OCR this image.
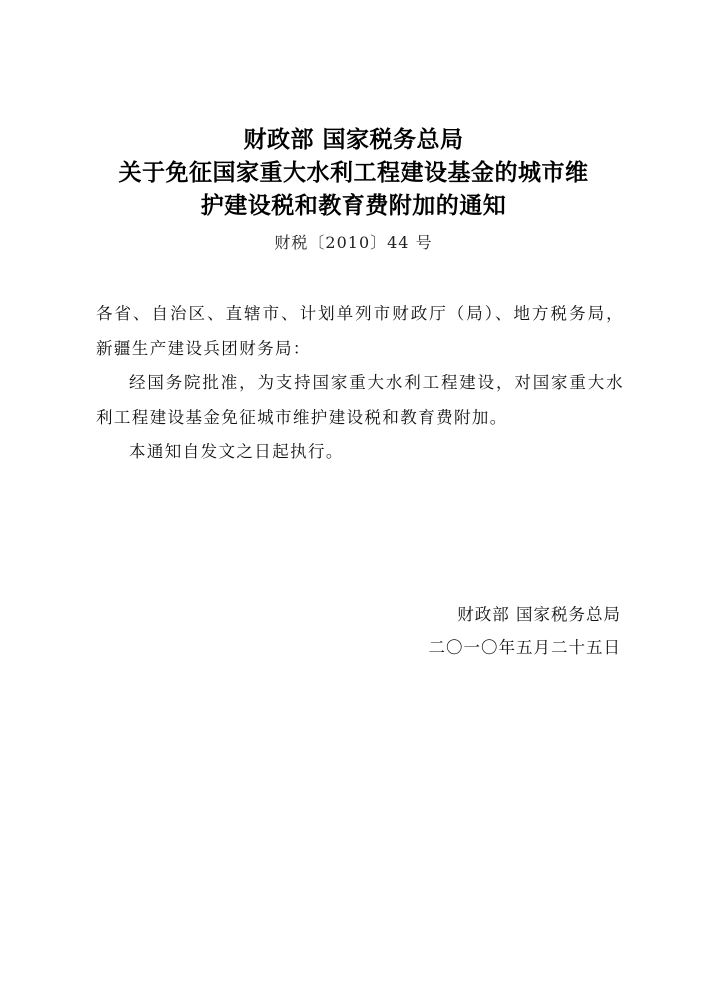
财政部 国家税务总局
关于免征国家重大水利工程建设基金的城市维
护建设税和教育费附加的通知
财税〔2010〕44 号

各省、自治区、直辖市、计划单列市财政厅（局）、地方税务局，新疆生产建设兵团财务局：

经国务院批准，为支持国家重大水利工程建设，对国家重大水利工程建设基金免征城市维护建设税和教育费附加。

本通知自发文之日起执行。

财政部 国家税务总局
二〇一〇年五月二十五日
